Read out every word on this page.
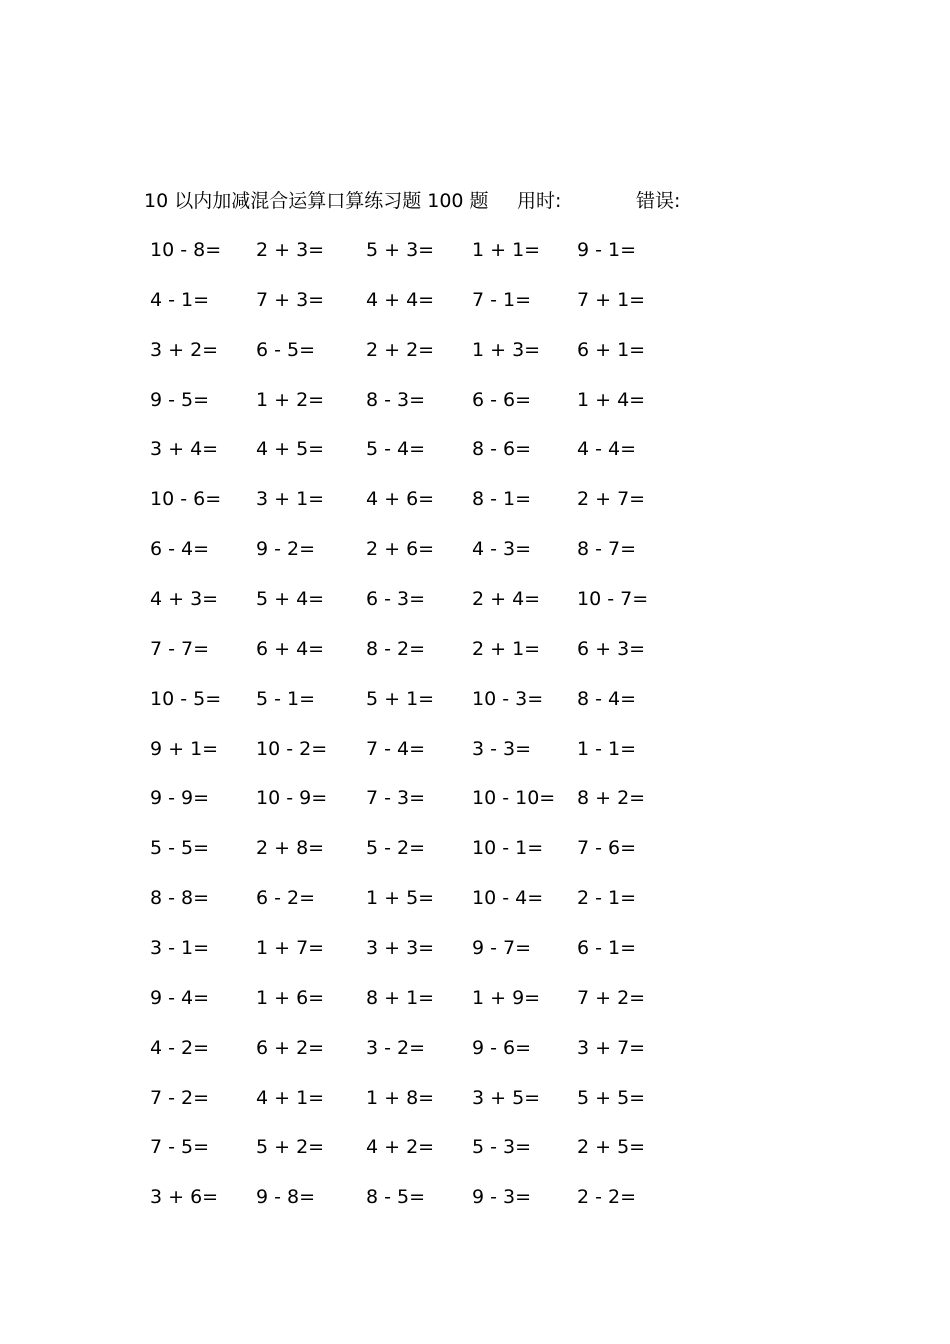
10 以内加减混合运算口算练习题 100 题 用时:	错误:
10 - 8= 2 + 3= 5 + 3= 1 + 1= 9 - 1=
4 - 1= 7 + 3= 4 + 4= 7 - 1= 7 + 1=
3 + 2= 6 - 5=	2 + 2= 1 + 3= 6 + 1=
9 - 5= 1 + 2= 8 - 3= 6 - 6= 1 + 4=
3 + 4= 4 + 5= 5 - 4= 8 - 6= 4 - 4=
10 - 6= 3 + 1= 4 + 6= 8 - 1= 2 + 7=
6 - 4= 9 - 2=	2 + 6= 4 - 3= 8 - 7=
4 + 3= 5 + 4= 6 - 3= 2 + 4= 10 - 7=
7 - 7= 6 + 4= 8 - 2= 2 + 1= 6 + 3=
10 - 5= 5 - 1=	5 + 1= 10 - 3= 8 - 4=
9 + 1= 10 - 2= 7 - 4= 3 - 3= 1 - 1=
9 - 9= 10 - 9= 7 - 3= 10 - 10= 8 + 2=
5 - 5= 2 + 8= 5 - 2= 10 - 1= 7 - 6=
8 - 8= 6 - 2=	1 + 5= 10 - 4= 2 - 1=
3 - 1= 1 + 7= 3 + 3= 9 - 7= 6 - 1=
9 - 4= 1 + 6= 8 + 1= 1 + 9= 7 + 2=
4 - 2= 6 + 2= 3 - 2= 9 - 6= 3 + 7=
7 - 2= 4 + 1= 1 + 8= 3 + 5= 5 + 5=
7 - 5= 5 + 2= 4 + 2= 5 - 3= 2 + 5=
3 + 6= 9 - 8=	8 - 5= 9 - 3= 2 - 2=
